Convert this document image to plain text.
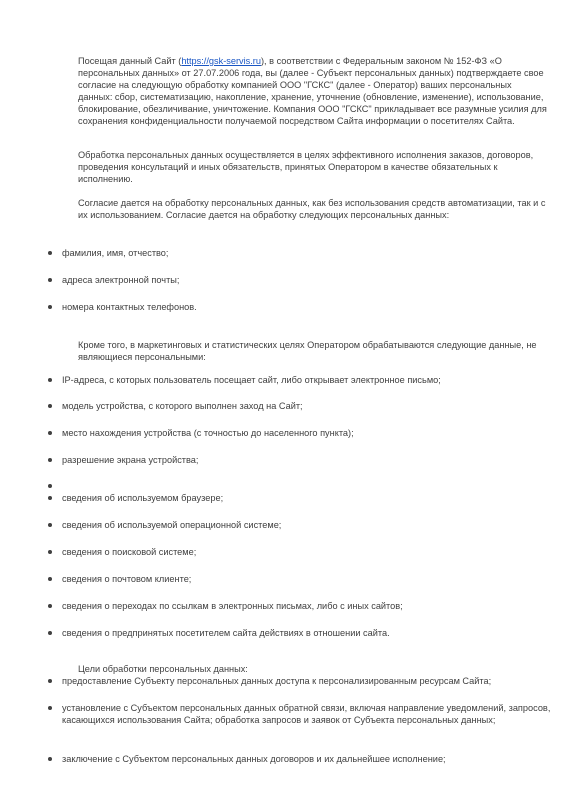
Посещая данный Сайт (https://gsk-servis.ru), в соответствии с Федеральным законом № 152-ФЗ «О персональных данных» от 27.07.2006 года, вы (далее - Субъект персональных данных) подтверждаете свое согласие на следующую обработку компанией ООО "ГСКС" (далее - Оператор) ваших персональных данных: сбор, систематизацию, накопление, хранение, уточнение (обновление, изменение), использование, блокирование, обезличивание, уничтожение. Компания ООО "ГСКС" прикладывает все разумные усилия для сохранения конфиденциальности получаемой посредством Сайта информации о посетителях Сайта.

Обработка персональных данных осуществляется в целях эффективного исполнения заказов, договоров, проведения консультаций и иных обязательств, принятых Оператором в качестве обязательных к исполнению.

Согласие дается на обработку персональных данных, как без использования средств автоматизации, так и с их использованием. Согласие дается на обработку следующих персональных данных:

фамилия, имя, отчество;
адреса электронной почты;
номера контактных телефонов.

Кроме того, в маркетинговых и статистических целях Оператором обрабатываются следующие данные, не являющиеся персональными:

IP-адреса, с которых пользователь посещает сайт, либо открывает электронное письмо;
модель устройства, с которого выполнен заход на Сайт;
место нахождения устройства (с точностью до населенного пункта);
разрешение экрана устройства;
сведения об используемом браузере;
сведения об используемой операционной системе;
сведения о поисковой системе;
сведения о почтовом клиенте;
сведения о переходах по ссылкам в электронных письмах, либо с иных сайтов;
сведения о предпринятых посетителем сайта действиях в отношении сайта.

Цели обработки персональных данных:

предоставление Субъекту персональных данных доступа к персонализированным ресурсам Сайта;
установление с Субъектом персональных данных обратной связи, включая направление уведомлений, запросов, касающихся использования Сайта; обработка запросов и заявок от Субъекта персональных данных;
заключение с Субъектом персональных данных договоров и их дальнейшее исполнение;
